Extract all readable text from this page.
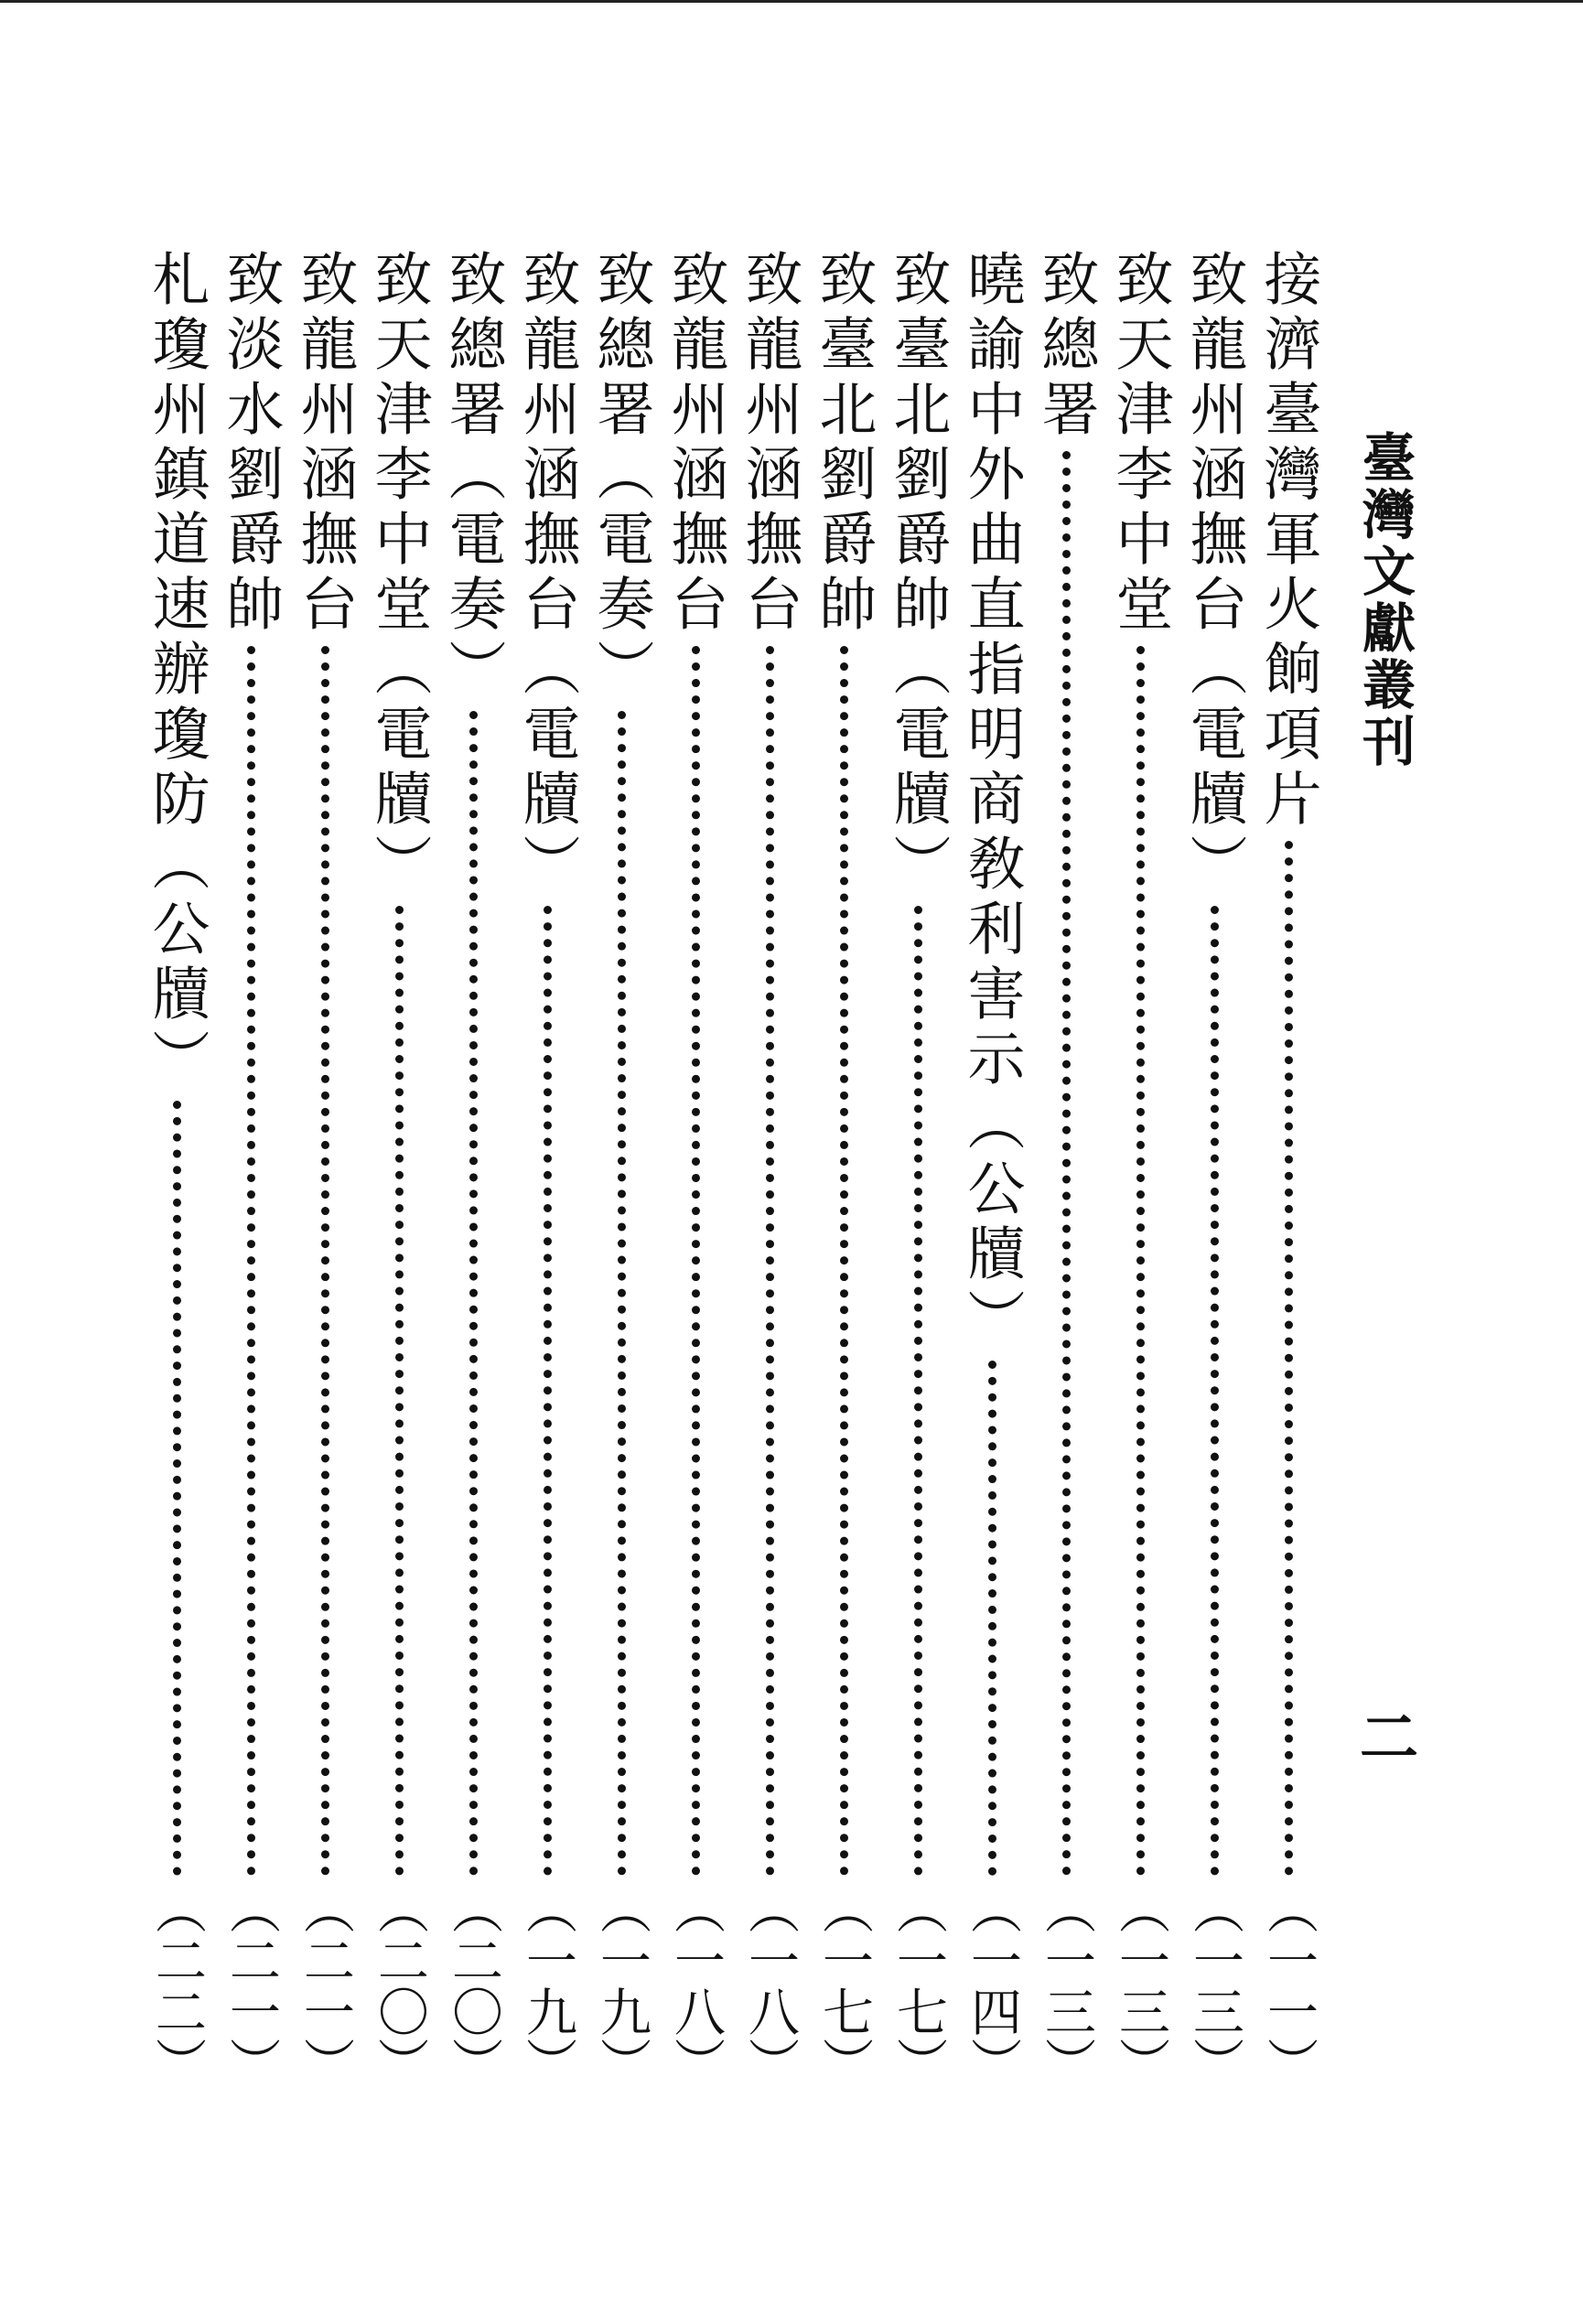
臺灣文獻叢刊
二
接濟臺灣軍火餉項片
（一一）
致龍州涵撫台（電牘）
（一三）
致天津李中堂
（一三）
致總署
（一三）
曉諭中外曲直指明商敎利害示（公牘）
（一四）
致臺北劉爵帥（電牘）
（一七）
致臺北劉爵帥
（一七）
致龍州涵撫台
（一八）
致龍州涵撫台
（一八）
致總署（電奏）
（一九）
致龍州涵撫台（電牘）
（一九）
致總署（電奏）
（二〇）
致天津李中堂（電牘）
（二〇）
致龍州涵撫台
（二一）
致淡水劉爵帥
（二一）
札瓊州鎮道速辦瓊防（公牘）
（二二）
